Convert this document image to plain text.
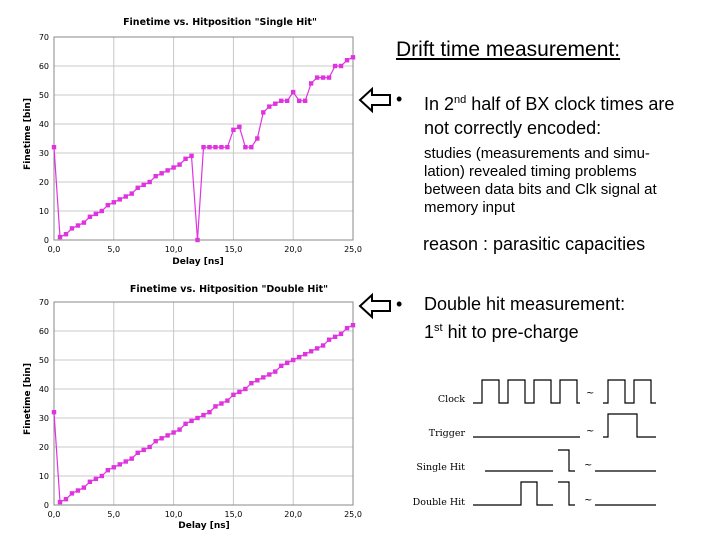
Finetime vs. Hitposition "Single Hit"
Finetime [bin]
Delay [ns]
0
10
20
30
40
50
60
70
0,0	5,0	10,0	15,0	20,0	25,0
Finetime vs. Hitposition "Double Hit"
Finetime [bin]
Delay [ns]
0
10
20
30
40
50
60
70
0,0	5,0	10,0	15,0	20,0	25,0
Drift time measurement:
• In 2nd half of BX clock times are
not correctly encoded:
studies (measurements and simu-
lation) revealed timing problems
between data bits and Clk signal at
memory input
reason : parasitic capacities
• Double hit measurement:
1st hit to pre-charge
Clock
Trigger
Single Hit
Double Hit
~
~
~
~
